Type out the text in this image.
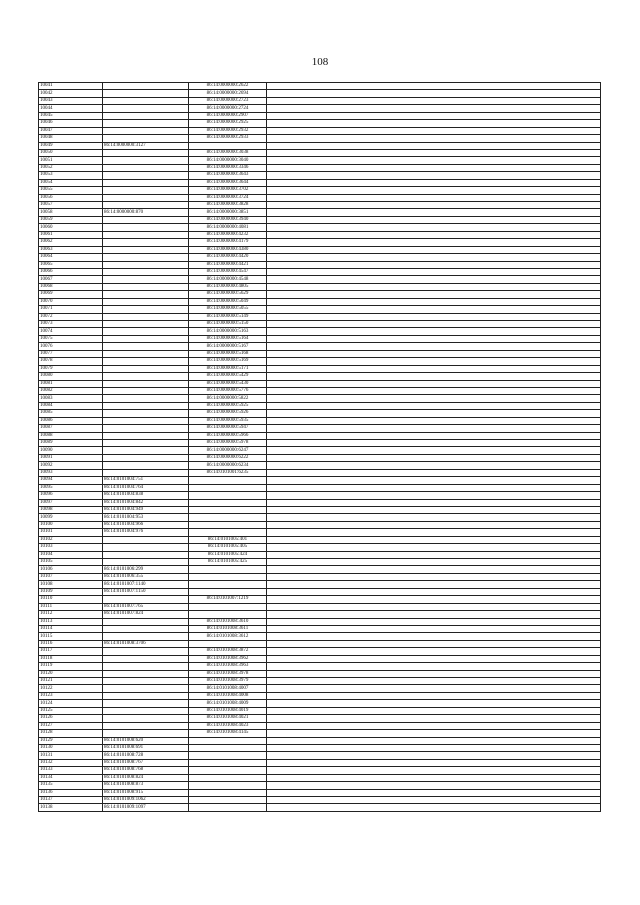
108
10041		86:14:0000000:2622	
10042		86:14:0000000:2694	
10043		86:14:0000000:2723	
10044		86:14:0000000:2724	
10045		86:14:0000000:2907	
10046		86:14:0000000:2925	
10047		86:14:0000000:2932	
10048		86:14:0000000:2933	
10049	86:14:0000000:3127		
10050		86:14:0000000:3038	
10051		86:14:0000000:3040	
10052		86:14:0000000:3346	
10053		86:14:0000000:3643	
10054		86:14:0000000:3644	
10055		86:14:0000000:3702	
10056		86:14:0000000:3724	
10057		86:14:0000000:3828	
10058	86:14:0000000:870	86:14:0000000:3851	
10059		86:14:0000000:3940	
10060		86:14:0000000:4081	
10061		86:14:0000000:4232	
10062		86:14:0000000:4179	
10063		86:14:0000000:4380	
10064		86:14:0000000:4420	
10065		86:14:0000000:4421	
10066		86:14:0000000:4547	
10067		86:14:0000000:4548	
10068		86:14:0000000:4805	
10069		86:14:0000000:5629	
10070		86:14:0000000:5049	
10071		86:14:0000000:5055	
10072		86:14:0000000:5149	
10073		86:14:0000000:5150	
10074		86:14:0000000:5163	
10075		86:14:0000000:5164	
10076		86:14:0000000:5167	
10077		86:14:0000000:5168	
10078		86:14:0000000:5169	
10079		86:14:0000000:5171	
10080		86:14:0000000:5429	
10081		86:14:0000000:5430	
10082		86:14:0000000:5776	
10083		86:14:0000000:5822	
10084		86:14:0000000:5925	
10085		86:14:0000000:5926	
10086		86:14:0000000:5935	
10087		86:14:0000000:5947	
10088		86:14:0000000:5966	
10089		86:14:0000000:5978	
10090		86:14:0000000:6247	
10091		86:14:0000000:6222	
10092		86:14:0000000:6234	
10093		86:14:0101001:6235	
10094	86:14:0101004:751		
10095	86:14:0101004:764		
10096	86:14:0101004:838		
10097	86:14:0101004:842		
10098	86:14:0101004:949		
10099	86:14:0101004:953		
10100	86:14:0101004:966		
10101	86:14:0101004:976		
10102		86:14:0101005:401	
10103		86:14:0101005:405	
10104		86:14:0101005:424	
10105		86:14:0101005:425	
10106	86:14:0101006:299		
10107	86:14:0101006:355		
10108	86:14:0101007:1140		
10109	86:14:0101007:1150		
10110		86:14:0101007:1219	
10111	86:14:0101007:765		
10112	86:14:0101007:824		
10113		86:14:0101008:3610	
10114		86:14:0101008:3611	
10115		86:14:0101008:3612	
10116	86:14:0101008:3706		
10117		86:14:0101008:3872	
10118		86:14:0101008:3962	
10119		86:14:0101008:3963	
10120		86:14:0101008:3978	
10121		86:14:0101008:3979	
10122		86:14:0101008:4007	
10123		86:14:0101008:4008	
10124		86:14:0101008:4009	
10125		86:14:0101008:4019	
10126		86:14:0101008:4021	
10127		86:14:0101008:4023	
10128		86:14:0101008:4145	
10129	86:14:0101008:620		
10130	86:14:0101008:691		
10131	86:14:0101008:728		
10132	86:14:0101008:767		
10133	86:14:0101008:768		
10134	86:14:0101008:824		
10135	86:14:0101008:873		
10136	86:14:0101008:915		
10137	86:14:0101009:1062		
10138	86:14:0101009:1097		
